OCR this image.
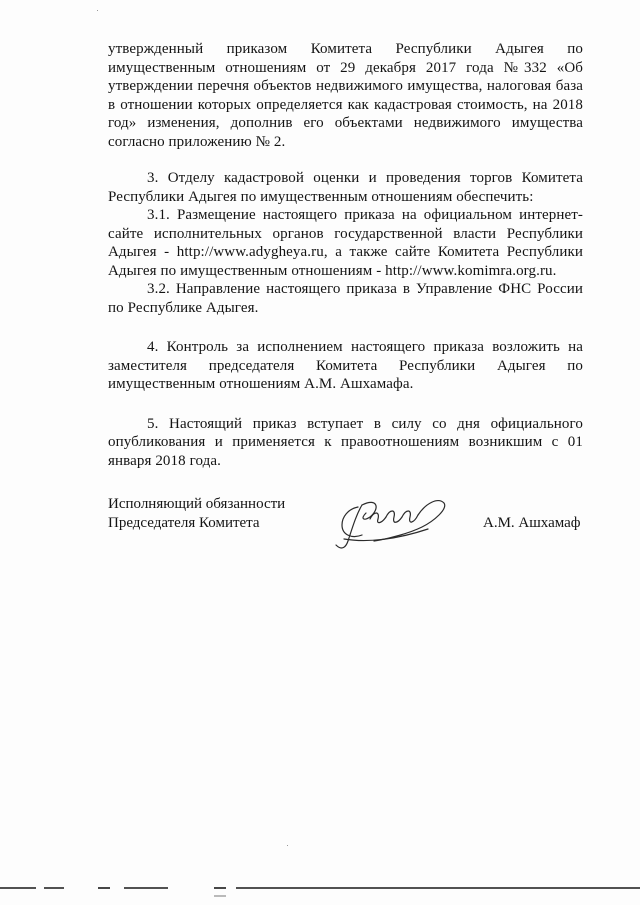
утвержденный приказом Комитета Республики Адыгея по имущественным отношениям от 29 декабря 2017 года №332 «Об утверждении перечня объектов недвижимого имущества, налоговая база в отношении которых определяется как кадастровая стоимость, на 2018 год» изменения, дополнив его объектами недвижимого имущества согласно приложению № 2.

3. Отделу кадастровой оценки и проведения торгов Комитета Республики Адыгея по имущественным отношениям обеспечить:

3.1. Размещение настоящего приказа на официальном интернет-сайте исполнительных органов государственной власти Республики Адыгея - http://www.adygheya.ru, а также сайте Комитета Республики Адыгея по имущественным отношениям - http://www.komimra.org.ru.

3.2. Направление настоящего приказа в Управление ФНС России по Республике Адыгея.

4. Контроль за исполнением настоящего приказа возложить на заместителя председателя Комитета Республики Адыгея по имущественным отношениям А.М. Ашхамафа.

5. Настоящий приказ вступает в силу со дня официального опубликования и применяется к правоотношениям возникшим с 01 января 2018 года.

Исполняющий обязанности
Председателя Комитета	А.М. Ашхамаф
